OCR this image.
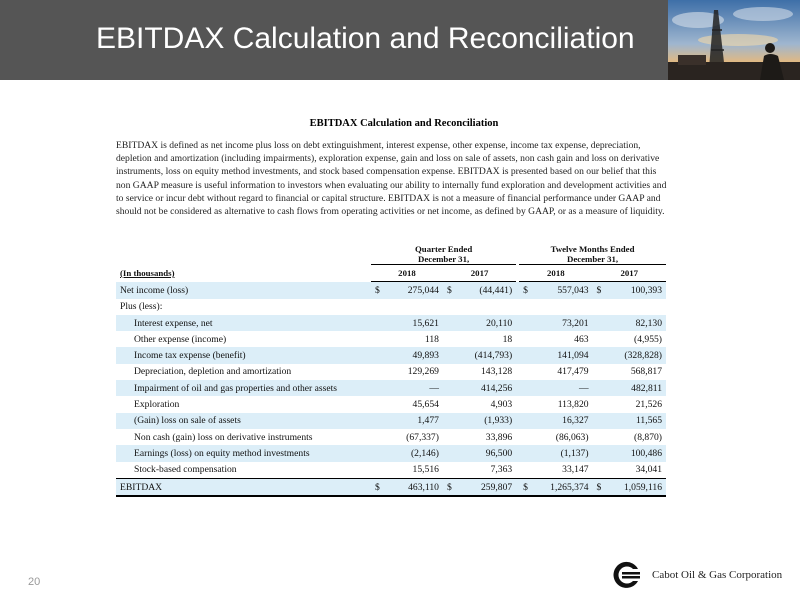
EBITDAX Calculation and Reconciliation
EBITDAX Calculation and Reconciliation
EBITDAX is defined as net income plus loss on debt extinguishment, interest expense, other expense, income tax expense, depreciation, depletion and amortization (including impairments), exploration expense, gain and loss on sale of assets, non cash gain and loss on derivative instruments, loss on equity method investments, and stock based compensation expense. EBITDAX is presented based on our belief that this non GAAP measure is useful information to investors when evaluating our ability to internally fund exploration and development activities and to service or incur debt without regard to financial or capital structure. EBITDAX is not a measure of financial performance under GAAP and should not be considered as alternative to cash flows from operating activities or net income, as defined by GAAP, or as a measure of liquidity.
	Quarter Ended
December 31,					Twelve Months Ended
December 31,			
(In thousands)	2018		2017			2018		2017	
Net income (loss)	$	275,044	$	(44,441)		$	557,043	$	100,393
Plus (less):									
Interest expense, net		15,621		20,110			73,201		82,130
Other expense (income)		118		18			463		(4,955)
Income tax expense (benefit)		49,893		(414,793)			141,094		(328,828)
Depreciation, depletion and amortization		129,269		143,128			417,479		568,817
Impairment of oil and gas properties and other assets		—		414,256			—		482,811
Exploration		45,654		4,903			113,820		21,526
(Gain) loss on sale of assets		1,477		(1,933)			16,327		11,565
Non cash (gain) loss on derivative instruments		(67,337)		33,896			(86,063)		(8,870)
Earnings (loss) on equity method investments		(2,146)		96,500			(1,137)		100,486
Stock-based compensation		15,516		7,363			33,147		34,041
EBITDAX	$	463,110	$	259,807		$	1,265,374	$	1,059,116
20
Cabot Oil & Gas Corporation
